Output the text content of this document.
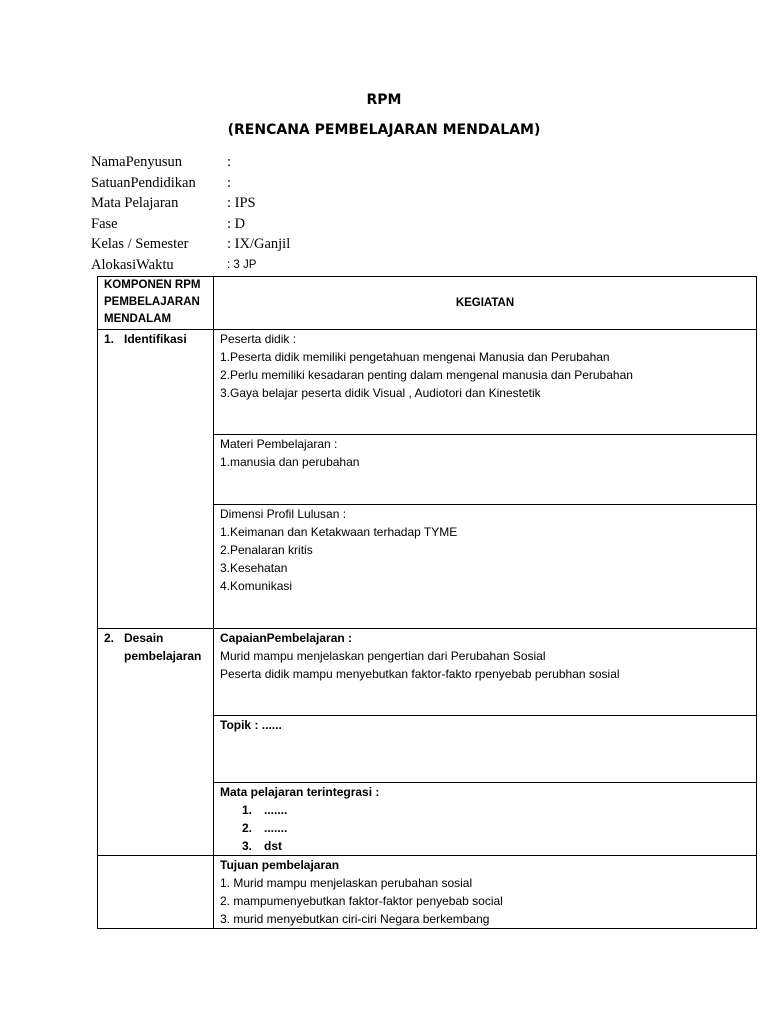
RPM
(RENCANA PEMBELAJARAN MENDALAM)
NamaPenyusun	:
SatuanPendidikan :
Mata Pelajaran	: IPS
Fase	: D
Kelas / Semester	: IX/Ganjil
AlokasiWaktu	: 3 JP
KOMPONEN RPM
PEMBELAJARAN
MENDALAM	KEGIATAN

1. Identifikasi	Peserta didik :
1.Peserta didik memiliki pengetahuan mengenai Manusia dan Perubahan
2.Perlu memiliki kesadaran penting dalam mengenal manusia dan Perubahan
3.Gaya belajar peserta didik Visual , Audiotori dan Kinestetik

	Materi Pembelajaran :
1.manusia dan perubahan

	Dimensi Profil Lulusan :
1.Keimanan dan Ketakwaan terhadap TYME
2.Penalaran kritis
3.Kesehatan
4.Komunikasi

2. Desain
pembelajaran	CapaianPembelajaran :
Murid mampu menjelaskan pengertian dari Perubahan Sosial
Peserta didik mampu menyebutkan faktor-fakto rpenyebab perubhan sosial

	Topik : ......

	Mata pelajaran terintegrasi :
1. .......
2. .......
3. dst

	Tujuan pembelajaran
1. Murid mampu menjelaskan perubahan sosial
2. mampumenyebutkan faktor-faktor penyebab social
3. murid menyebutkan ciri-ciri Negara berkembang
